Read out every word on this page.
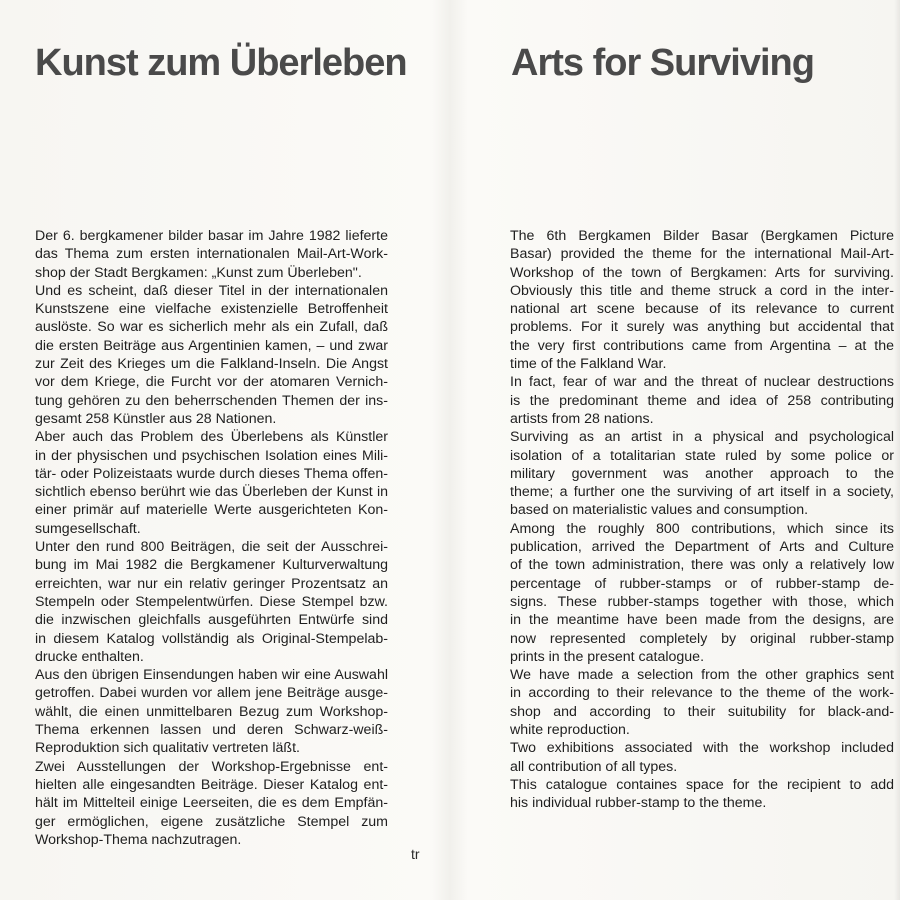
Kunst zum Überleben	Arts for Surviving
Der 6. bergkamener bilder basar im Jahre 1982 lieferte
das Thema zum ersten internationalen Mail-Art-Work-
shop der Stadt Bergkamen: „Kunst zum Überleben".
Und es scheint, daß dieser Titel in der internationalen
Kunstszene eine vielfache existenzielle Betroffenheit
auslöste. So war es sicherlich mehr als ein Zufall, daß
die ersten Beiträge aus Argentinien kamen, – und zwar
zur Zeit des Krieges um die Falkland-Inseln. Die Angst
vor dem Kriege, die Furcht vor der atomaren Vernich-
tung gehören zu den beherrschenden Themen der ins-
gesamt 258 Künstler aus 28 Nationen.
Aber auch das Problem des Überlebens als Künstler
in der physischen und psychischen Isolation eines Mili-
tär- oder Polizeistaats wurde durch dieses Thema offen-
sichtlich ebenso berührt wie das Überleben der Kunst in
einer primär auf materielle Werte ausgerichteten Kon-
sumgesellschaft.
Unter den rund 800 Beiträgen, die seit der Ausschrei-
bung im Mai 1982 die Bergkamener Kulturverwaltung
erreichten, war nur ein relativ geringer Prozentsatz an
Stempeln oder Stempelentwürfen. Diese Stempel bzw.
die inzwischen gleichfalls ausgeführten Entwürfe sind
in diesem Katalog vollständig als Original-Stempelab-
drucke enthalten.
Aus den übrigen Einsendungen haben wir eine Auswahl
getroffen. Dabei wurden vor allem jene Beiträge ausge-
wählt, die einen unmittelbaren Bezug zum Workshop-
Thema erkennen lassen und deren Schwarz-weiß-
Reproduktion sich qualitativ vertreten läßt.
Zwei Ausstellungen der Workshop-Ergebnisse ent-
hielten alle eingesandten Beiträge. Dieser Katalog ent-
hält im Mittelteil einige Leerseiten, die es dem Empfän-
ger ermöglichen, eigene zusätzliche Stempel zum
Workshop-Thema nachzutragen.
The 6th Bergkamen Bilder Basar (Bergkamen Picture
Basar) provided the theme for the international Mail-Art-
Workshop of the town of Bergkamen: Arts for surviving.
Obviously this title and theme struck a cord in the inter-
national art scene because of its relevance to current
problems. For it surely was anything but accidental that
the very first contributions came from Argentina – at the
time of the Falkland War.
In fact, fear of war and the threat of nuclear destructions
is the predominant theme and idea of 258 contributing
artists from 28 nations.
Surviving as an artist in a physical and psychological
isolation of a totalitarian state ruled by some police or
military government was another approach to the
theme; a further one the surviving of art itself in a society,
based on materialistic values and consumption.
Among the roughly 800 contributions, which since its
publication, arrived the Department of Arts and Culture
of the town administration, there was only a relatively low
percentage of rubber-stamps or of rubber-stamp de-
signs. These rubber-stamps together with those, which
in the meantime have been made from the designs, are
now represented completely by original rubber-stamp
prints in the present catalogue.
We have made a selection from the other graphics sent
in according to their relevance to the theme of the work-
shop and according to their suitubility for black-and-
white reproduction.
Two exhibitions associated with the workshop included
all contribution of all types.
This catalogue containes space for the recipient to add
his individual rubber-stamp to the theme.
tr
